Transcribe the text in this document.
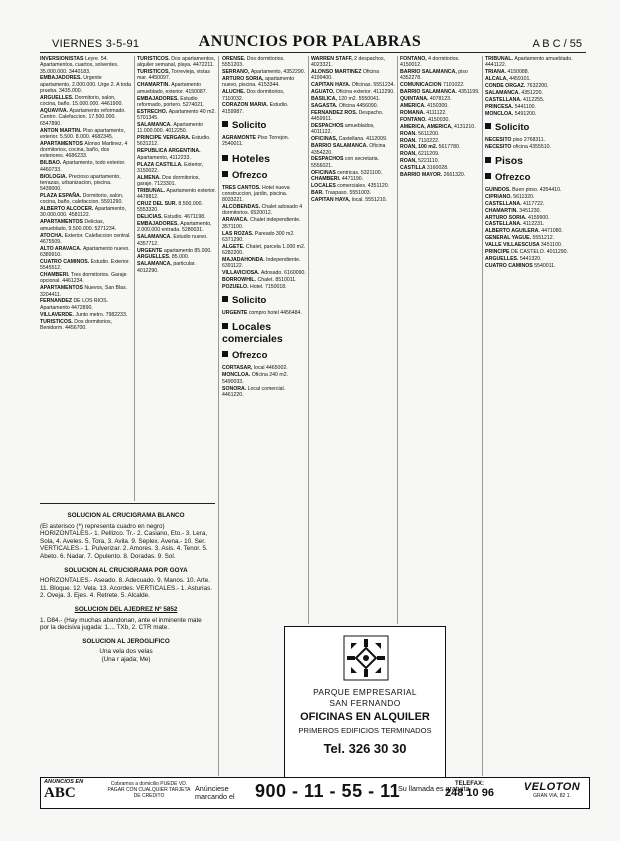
VIERNES 3-5-91	ANUNCIOS POR PALABRAS	A B C / 55

INVERSIONISTAS Leyre. 54. Apartamentos, cuartos, solventes. 35.000.000. 3440183.

EMBAJADORES. Urgente apartamento, 2.000.000. Urge 2. A toda prueba. 3435.000.

ARGUELLES. Dormitorio, salon, cocina, baño. 15.000.000. 4461900.

AQUAVIVA. Apartamento reformado. Centro. Calefaccion. 17.500.000. 6547890.

ANTON MARTIN. Piso apartamento, exterior. 5.500. 8.000. 4682345.

APARTAMENTOS Alonso Martinez, 4 dormitorios, cocina, baño, dos exteriores. 4686233.

BILBAO. Apartamento, todo exterior. 4460733.

BIOLOGIA. Precioso apartamento, terrazas, urbanizacion, piscina. 5439000.

PLAZA ESPAÑA. Dormitorio, salon, cocina, baño, calefaccion. 5591290.

ALBERTO ALCOCER. Apartamento, 30.000.000. 4581122.

APARTAMENTOS Delicias, amueblado, 9.500.000. 5271234.

ATOCHA. Exterior. Calefaccion central. 4675509.

ALTO ARAVACA. Apartamento nuevo. 6389910.

CUATRO CAMINOS. Estudio. Exterior. 5545512.

CHAMBERI. Tres dormitorios. Garaje opcional. 4461234.

APARTAMENTOS Nuevos, San Blas. 3204411.

FERNANDEZ DE LOS RIOS. Apartamento 4472890.

VILLAVERDE. Junto metro. 7982233.

TURISTICOS. Dos dormitorios, Benidorm. 4456700.

TURISTICOS. Dos apartamentos, alquiler semanal, playa. 4472211.

TURISTICOS, Torrevieja, vistas mar. 4450097.

CHAMARTIN. Apartamento amueblado, exterior. 4150087.

EMBAJADORES. Estudio reformado, portero. 5274021.

ESTRECHO. Apartamento 40 m2. 5701345.

SALAMANCA. Apartamento 11.000.000. 4012250.

PRINCIPE VERGARA. Estudio. 5631212.

REPUBLICA ARGENTINA. Apartamento, 4112233.

PLAZA CASTILLA. Exterior, 3150022.

ALMENA. Dos dormitorios, garaje. 7123301.

TRIBUNAL. Apartamento exterior. 4478812.

CRUZ DEL SUR. 8.500.000. 5553320.

DELICIAS. Estudio. 4671198.

EMBAJADORES. Apartamento, 2.000.000 entrada. 5280031.

SALAMANCA. Estudio nuevo. 4357712.

URGENTE apartamento 85.000.

ARGUELLES. 85.000.

SALAMANCA, particular. 4012290.

ORENSE. Dos dormitorios. 5551203.

SERRANO, Apartamento, 4352290.

ARTURO SORIA, apartamento nuevo, piscina. 4153344.

ALUCHE. Dos dormitorios, 7110032.

CORAZON MARIA. Estudio. 4159987.

Solicito

AGRAMONTE Piso Torrejon. 2540011.

Hoteles
Ofrezco

TRES CANTOS. Hotel nueva construccion, jardin, piscina. 8033221.

ALCOBENDAS. Chalet adosado 4 dormitorios. 6520012.

ARAVACA. Chalet independiente. 3571100.

LAS ROZAS. Pareado 300 m2. 6371290.

ALGETE. Chalet, parcela 1.000 m2. 6282200.

MAJADAHONDA. Independiente. 6391122.

VILLAVICIOSA. Adosado. 6160090.

BORROWHIL. Chalet. 8510011.

POZUELO. Hotel. 7150018.

Solicito

URGENTE compro hotel 4456484.

Locales comerciales
Ofrezco

CORTASAR, local 4465002.

MONCLOA. Oficina 240 m2. 5490033.

SONORA. Local comercial. 4461220.

WARREN STAFF, 2 despachos, 4023321.

ALONSO MARTINEZ Oficina 4199400.

CAPITAN HAYA. Oficinas. 5551234.

AGUATO. Oficina exterior. 4112290.

BASILICA, 120 m2. 5550041.

SAGASTA. Oficina 4456090.

FERNANDEZ ROS. Despacho. 4459911.

DESPACHOS amueblados, 4011122.

OFICINAS, Castellana. 4112009.

BARRIO SALAMANCA. Oficina 4354220.

DESPACHOS con secretaria. 5556021.

OFICINAS centricas. 5321100.

CHAMBERI. 4471190.

LOCALES comerciales. 4351120.

BAR. Traspaso. 5551003.

CAPITAN HAYA, local. 5551210.

FONTANO, 4 dormitorios. 4150012.

BARRIO SALAMANCA, piso 4352278.

COMUNICACION 7101022.

BARRIO SALAMANCA. 4351199.

QUINTANA. 4078123.

AMERICA. 4150300.

ROMANA. 4111122.

FONTANO. 4150030.

AMERICA, AMERICA, 4131210.

ROAN. 5611200.

ROAN. 7110222.

ROAN, 100 m2. 5617780.

ROAN, 6211209.

ROAN, 5221110.

CASTILLA 3160028.

BARRIO MAYOR. 2661320.

TRIBUNAL. Apartamento amueblado. 4441122.

TRIANA. 4150088.

ALCALA, 4459101.

CONDE ORGAZ. 7632200.

SALAMANCA. 4351220.

CASTELLANA. 4112255.

PRINCESA. 5441100.

MONCLOA. 5491200.

Solicito

NECESITO piso 2768311.

NECESITO oficina 4355510.

Pisos
Ofrezco

GUINDOS. Buen pirso. 4354410.

CIPRIANO. 5611320.

CASTELLANA. 4117722.

CHAMARTIN. 3451230.

ARTURO SORIA. 4159900.

CASTELLANA. 4112231.

ALBERTO AGUILERA. 4471080.

GENERAL YAGUE. 5551212.

VALLE VILLAESCUSA 3451100.

PRINCIPE DE CASTELO. 4011290.

ARGUELLES. 5441320.

CUATRO CAMINOS 5540011.

SOLUCION AL CRUCIGRAMA BLANCO

(El asterisco (*) representa cuadro en negro) HORIZONTALES.- 1. Pellizco. Tr.- 2. Casiano, Eto.- 3. Lera, Sola, 4. Aveles. 5. Tora, 3. Avila. 9. Seplex. Avena.- 10. Ser. VERTICALES.- 1. Pulverizar. 2. Amores. 3. Asis. 4. Tenor. 5. Abeto. 6. Nadar. 7. Opulento. 8. Doradas. 9. Sol.

SOLUCION AL CRUCIGRAMA POR GOYA

HORIZONTALES.- Aseado. 8. Adecuado. 9. Manos. 10. Arte. 11. Bloque. 12. Vela. 13. Acordes. VERTICALES.- 1. Asturias. 2. Oveja. 3. Ejes. 4. Retrete. 5. Alcalde.

SOLUCION DEL AJEDREZ Nº 5852

1. D84.- (Hay muchas abandonan, ante el inminente mate por la decisiva jugada: 1.... TXb, 2. CTR mate.

SOLUCION AL JEROGLIFICO

Una vela dos velas

(Una r ajada; Me)

PARQUE EMPRESARIAL
SAN FERNANDO
OFICINAS EN ALQUILER
PRIMEROS EDIFICIOS TERMINADOS
Tel. 326 30 30
ANUNCIOS EN
ABC
Cobramos a domicilio PUEDE VD. PAGAR CON CUALQUIER TARJETA DE CREDITO
Anúnciese marcando el	900 - 11 - 55 - 11
Su llamada es gratuita
TELEFAX:
248 10 96	VELOTON
GRAN VIA, 82 1.
